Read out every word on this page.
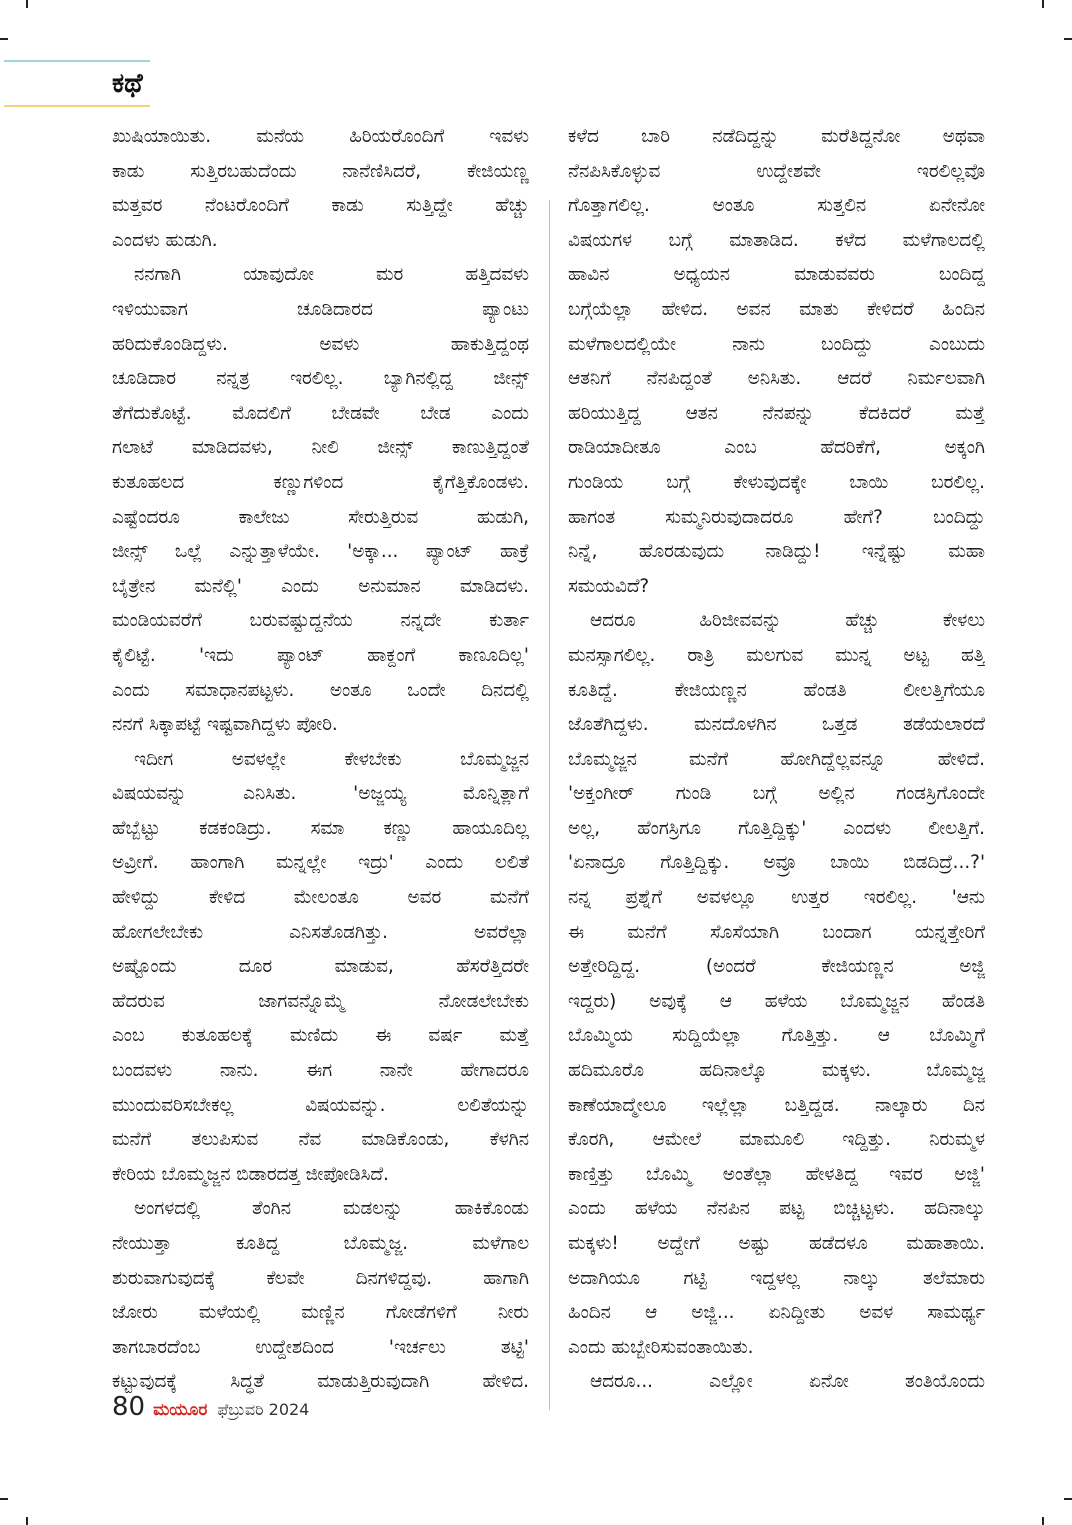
ಕಥೆ
ಖುಷಿಯಾಯಿತು. ಮನೆಯ ಹಿರಿಯರೊಂದಿಗೆ ಇವಳು
ಕಾಡು ಸುತ್ತಿರಬಹುದೆಂದು ನಾನೆಣಿಸಿದರೆ, ಕೇಜಿಯಣ್ಣ
ಮತ್ತವರ ನೆಂಟರೊಂದಿಗೆ ಕಾಡು ಸುತ್ತಿದ್ದೇ ಹೆಚ್ಚು
ಎಂದಳು ಹುಡುಗಿ.
ನನಗಾಗಿ ಯಾವುದೋ ಮರ ಹತ್ತಿದವಳು
ಇಳಿಯುವಾಗ ಚೂಡಿದಾರದ ಪ್ಯಾಂಟು
ಹರಿದುಕೊಂಡಿದ್ದಳು. ಅವಳು ಹಾಕುತ್ತಿದ್ದಂಥ
ಚೂಡಿದಾರ ನನ್ನತ್ರ ಇರಲಿಲ್ಲ. ಬ್ಯಾಗಿನಲ್ಲಿದ್ದ ಜೀನ್ಸ್
ತೆಗೆದುಕೊಟ್ಟೆ. ಮೊದಲಿಗೆ ಬೇಡವೇ ಬೇಡ ಎಂದು
ಗಲಾಟೆ ಮಾಡಿದವಳು, ನೀಲಿ ಜೀನ್ಸ್ ಕಾಣುತ್ತಿದ್ದಂತೆ
ಕುತೂಹಲದ ಕಣ್ಣುಗಳಿಂದ ಕೈಗೆತ್ತಿಕೊಂಡಳು.
ಎಷ್ಟೆಂದರೂ ಕಾಲೇಜು ಸೇರುತ್ತಿರುವ ಹುಡುಗಿ,
ಜೀನ್ಸ್ ಒಲ್ಲೆ ಎನ್ನುತ್ತಾಳೆಯೇ. 'ಅಕ್ಕಾ... ಪ್ಯಾಂಟ್ ಹಾಕ್ರೆ
ಬೈತ್ರೇನ ಮನೆಲ್ಲಿ' ಎಂದು ಅನುಮಾನ ಮಾಡಿದಳು.
ಮಂಡಿಯವರೆಗೆ ಬರುವಷ್ಟುದ್ದನೆಯ ನನ್ನದೇ ಕುರ್ತಾ
ಕೈಲಿಟ್ಟೆ. 'ಇದು ಪ್ಯಾಂಟ್ ಹಾಕ್ದಂಗೆ ಕಾಣೂದಿಲ್ಲ'
ಎಂದು ಸಮಾಧಾನಪಟ್ಟಳು. ಅಂತೂ ಒಂದೇ ದಿನದಲ್ಲಿ
ನನಗೆ ಸಿಕ್ಕಾಪಟ್ಟೆ ಇಷ್ಟವಾಗಿದ್ದಳು ಪೋರಿ.
ಇದೀಗ ಅವಳಲ್ಲೇ ಕೇಳಬೇಕು ಬೊಮ್ಮಜ್ಜನ
ವಿಷಯವನ್ನು ಎನಿಸಿತು. 'ಅಜ್ಜಯ್ಯ ಮೊನ್ನಿತ್ಲಾಗೆ
ಹೆಬ್ಬೆಟ್ಟು ಕಡಕಂಡಿದ್ರು. ಸಮಾ ಕಣ್ಣು ಹಾಯೂದಿಲ್ಲ
ಅವ್ರೀಗೆ. ಹಾಂಗಾಗಿ ಮನ್ನಲ್ಲೇ ಇದ್ರು' ಎಂದು ಲಲಿತೆ
ಹೇಳಿದ್ದು ಕೇಳಿದ ಮೇಲಂತೂ ಅವರ ಮನೆಗೆ
ಹೋಗಲೇಬೇಕು ಎನಿಸತೊಡಗಿತ್ತು. ಅವರೆಲ್ಲಾ
ಅಷ್ಟೊಂದು ದೂರ ಮಾಡುವ, ಹೆಸರೆತ್ತಿದರೇ
ಹೆದರುವ ಜಾಗವನ್ನೊಮ್ಮೆ ನೋಡಲೇಬೇಕು
ಎಂಬ ಕುತೂಹಲಕ್ಕೆ ಮಣಿದು ಈ ವರ್ಷ ಮತ್ತೆ
ಬಂದವಳು ನಾನು. ಈಗ ನಾನೇ ಹೇಗಾದರೂ
ಮುಂದುವರಿಸಬೇಕಲ್ಲ ವಿಷಯವನ್ನು. ಲಲಿತೆಯನ್ನು
ಮನೆಗೆ ತಲುಪಿಸುವ ನೆವ ಮಾಡಿಕೊಂಡು, ಕೆಳಗಿನ
ಕೇರಿಯ ಬೊಮ್ಮಜ್ಜನ ಬಿಡಾರದತ್ತ ಜೀಪೋಡಿಸಿದೆ.
ಅಂಗಳದಲ್ಲಿ ತೆಂಗಿನ ಮಡಲನ್ನು ಹಾಕಿಕೊಂಡು
ನೇಯುತ್ತಾ ಕೂತಿದ್ದ ಬೊಮ್ಮಜ್ಜ. ಮಳೆಗಾಲ
ಶುರುವಾಗುವುದಕ್ಕೆ ಕೆಲವೇ ದಿನಗಳಿದ್ದವು. ಹಾಗಾಗಿ
ಜೋರು ಮಳೆಯಲ್ಲಿ ಮಣ್ಣಿನ ಗೋಡೆಗಳಿಗೆ ನೀರು
ತಾಗಬಾರದೆಂಬ ಉದ್ದೇಶದಿಂದ 'ಇರ್ಚಲು ತಟ್ಟಿ'
ಕಟ್ಟುವುದಕ್ಕೆ ಸಿದ್ಧತೆ ಮಾಡುತ್ತಿರುವುದಾಗಿ ಹೇಳಿದ.
ಕಳೆದ ಬಾರಿ ನಡೆದಿದ್ದನ್ನು ಮರೆತಿದ್ದನೋ ಅಥವಾ
ನೆನಪಿಸಿಕೊಳ್ಳುವ ಉದ್ದೇಶವೇ ಇರಲಿಲ್ಲವೊ
ಗೊತ್ತಾಗಲಿಲ್ಲ. ಅಂತೂ ಸುತ್ತಲಿನ ಏನೇನೋ
ವಿಷಯಗಳ ಬಗ್ಗೆ ಮಾತಾಡಿದ. ಕಳೆದ ಮಳೆಗಾಲದಲ್ಲಿ
ಹಾವಿನ ಅಧ್ಯಯನ ಮಾಡುವವರು ಬಂದಿದ್ದ
ಬಗ್ಗೆಯೆಲ್ಲಾ ಹೇಳಿದ. ಅವನ ಮಾತು ಕೇಳಿದರೆ ಹಿಂದಿನ
ಮಳೆಗಾಲದಲ್ಲಿಯೇ ನಾನು ಬಂದಿದ್ದು ಎಂಬುದು
ಆತನಿಗೆ ನೆನಪಿದ್ದಂತೆ ಅನಿಸಿತು. ಆದರೆ ನಿರ್ಮಲವಾಗಿ
ಹರಿಯುತ್ತಿದ್ದ ಆತನ ನೆನಪನ್ನು ಕೆದಕಿದರೆ ಮತ್ತೆ
ರಾಡಿಯಾದೀತೂ ಎಂಬ ಹೆದರಿಕೆಗೆ, ಅಕ್ಕಂಗಿ
ಗುಂಡಿಯ ಬಗ್ಗೆ ಕೇಳುವುದಕ್ಕೇ ಬಾಯಿ ಬರಲಿಲ್ಲ.
ಹಾಗಂತ ಸುಮ್ಮನಿರುವುದಾದರೂ ಹೇಗೆ? ಬಂದಿದ್ದು
ನಿನ್ನೆ, ಹೊರಡುವುದು ನಾಡಿದ್ದು! ಇನ್ನೆಷ್ಟು ಮಹಾ
ಸಮಯವಿದೆ?
ಆದರೂ ಹಿರಿಜೀವವನ್ನು ಹೆಚ್ಚು ಕೇಳಲು
ಮನಸ್ಸಾಗಲಿಲ್ಲ. ರಾತ್ರಿ ಮಲಗುವ ಮುನ್ನ ಅಟ್ಟ ಹತ್ತಿ
ಕೂತಿದ್ದೆ. ಕೇಜಿಯಣ್ಣನ ಹೆಂಡತಿ ಲೀಲತ್ತಿಗೆಯೂ
ಜೊತೆಗಿದ್ದಳು. ಮನದೊಳಗಿನ ಒತ್ತಡ ತಡೆಯಲಾರದೆ
ಬೊಮ್ಮಜ್ಜನ ಮನೆಗೆ ಹೋಗಿದ್ದೆಲ್ಲವನ್ನೂ ಹೇಳಿದೆ.
'ಅಕ್ತಂಗೀರ್ ಗುಂಡಿ ಬಗ್ಗೆ ಅಲ್ಲಿನ ಗಂಡಸ್ರಿಗೊಂದೇ
ಅಲ್ಲ, ಹೆಂಗಸ್ರಿಗೂ ಗೊತ್ತಿದ್ದಿಕ್ಕು' ಎಂದಳು ಲೀಲತ್ತಿಗೆ.
'ಏನಾದ್ರೂ ಗೊತ್ತಿದ್ದಿಕ್ಕು. ಅವ್ರೂ ಬಾಯಿ ಬಿಡದಿದ್ರೆ...?'
ನನ್ನ ಪ್ರಶ್ನೆಗೆ ಅವಳಲ್ಲೂ ಉತ್ತರ ಇರಲಿಲ್ಲ. 'ಆನು
ಈ ಮನೆಗೆ ಸೊಸೆಯಾಗಿ ಬಂದಾಗ ಯನ್ನತ್ತೇರಿಗೆ
ಅತ್ತೇರಿದ್ದಿದ್ದ. (ಅಂದರೆ ಕೇಜಿಯಣ್ಣನ ಅಜ್ಜಿ
ಇದ್ದರು) ಅವುಕ್ಕೆ ಆ ಹಳೆಯ ಬೊಮ್ಮಜ್ಜನ ಹೆಂಡತಿ
ಬೊಮ್ಮಿಯ ಸುದ್ದಿಯೆಲ್ಲಾ ಗೊತ್ತಿತ್ತು. ಆ ಬೊಮ್ಮಿಗೆ
ಹದಿಮೂರೊ ಹದಿನಾಲ್ಕೊ ಮಕ್ಕಳು. ಬೊಮ್ಮಜ್ಜ
ಕಾಣೆಯಾದ್ಮೇಲೂ ಇಲ್ಲೆಲ್ಲಾ ಬತ್ತಿದ್ದಡ. ನಾಲ್ಕಾರು ದಿನ
ಕೊರಗಿ, ಆಮೇಲೆ ಮಾಮೂಲಿ ಇದ್ದಿತ್ತು. ನಿರುಮ್ಮಳ
ಕಾಣ್ತಿತ್ತು ಬೊಮ್ಮಿ ಅಂತೆಲ್ಲಾ ಹೇಳತಿದ್ದ ಇವರ ಅಜ್ಜಿ'
ಎಂದು ಹಳೆಯ ನೆನಪಿನ ಪಟ್ಟ ಬಿಚ್ಚಿಟ್ಟಳು. ಹದಿನಾಲ್ಕು
ಮಕ್ಕಳು! ಅದ್ದೇಗೆ ಅಷ್ಟು ಹಡೆದಳೂ ಮಹಾತಾಯಿ.
ಅದಾಗಿಯೂ ಗಟ್ಟಿ ಇದ್ದಳಲ್ಲ ನಾಲ್ಕು ತಲೆಮಾರು
ಹಿಂದಿನ ಆ ಅಜ್ಜಿ... ಏನಿದ್ದೀತು ಅವಳ ಸಾಮರ್ಥ್ಯ
ಎಂದು ಹುಬ್ಬೇರಿಸುವಂತಾಯಿತು.
ಆದರೂ... ಎಲ್ಲೋ ಏನೋ ತಂತಿಯೊಂದು
80 ಮಯೂರ ಫೆಬ್ರುವರಿ 2024
